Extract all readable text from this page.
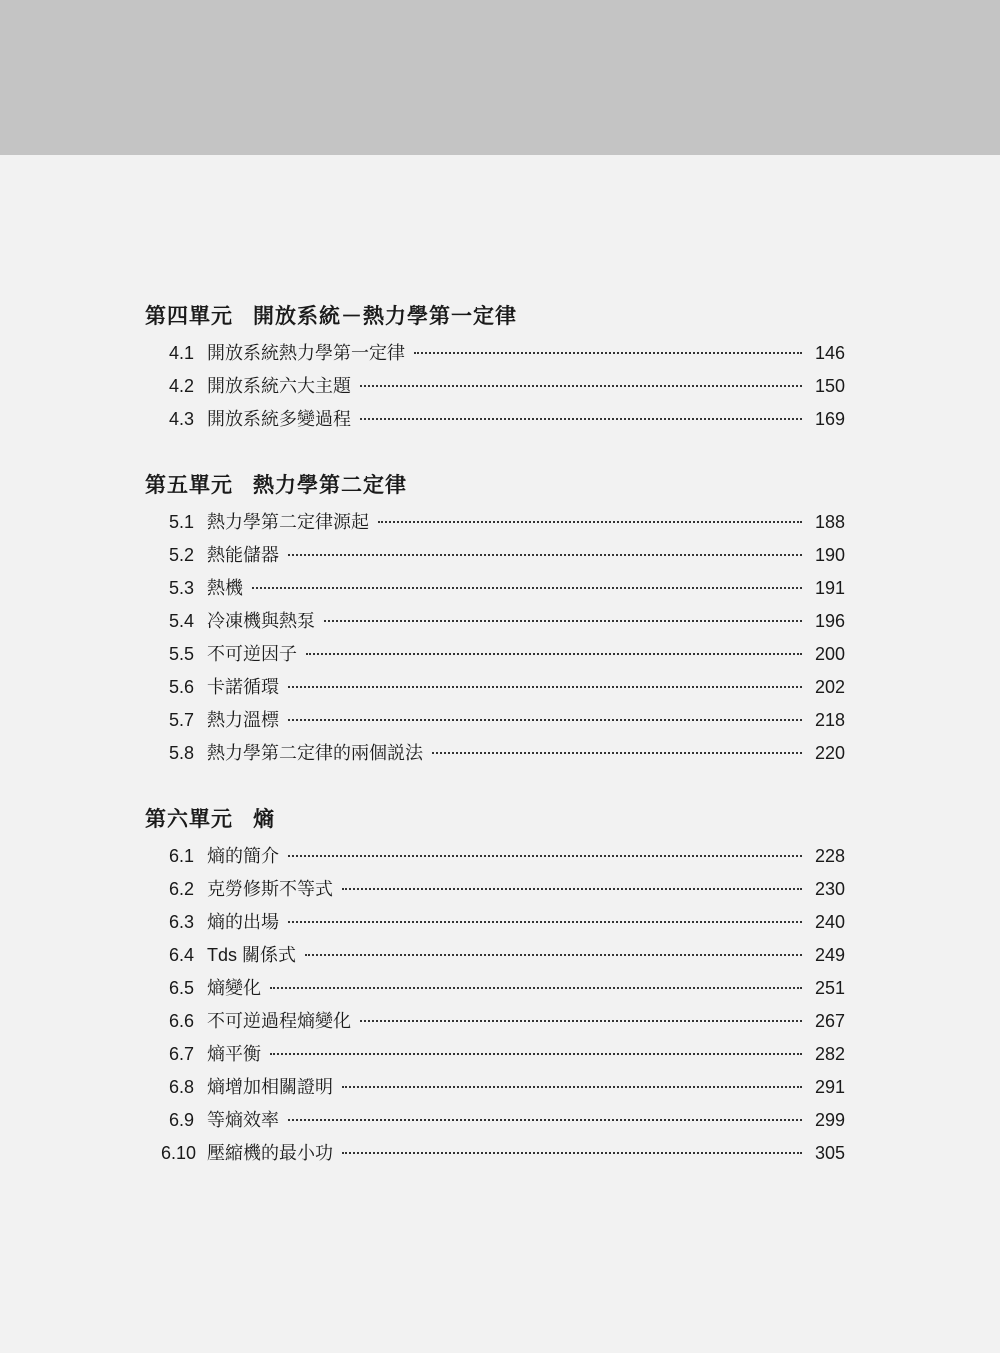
第四單元 開放系統－熱力學第一定律
4.1 開放系統熱力學第一定律	146
4.2 開放系統六大主題	150
4.3 開放系統多變過程	169
第五單元 熱力學第二定律
5.1 熱力學第二定律源起	188
5.2 熱能儲器	190
5.3 熱機	191
5.4 冷凍機與熱泵	196
5.5 不可逆因子	200
5.6 卡諾循環	202
5.7 熱力溫標	218
5.8 熱力學第二定律的兩個説法	220
第六單元 熵
6.1 熵的簡介	228
6.2 克勞修斯不等式	230
6.3 熵的出場	240
6.4 Tds 關係式	249
6.5 熵變化	251
6.6 不可逆過程熵變化	267
6.7 熵平衡	282
6.8 熵增加相關證明	291
6.9 等熵效率	299
6.10 壓縮機的最小功	305
